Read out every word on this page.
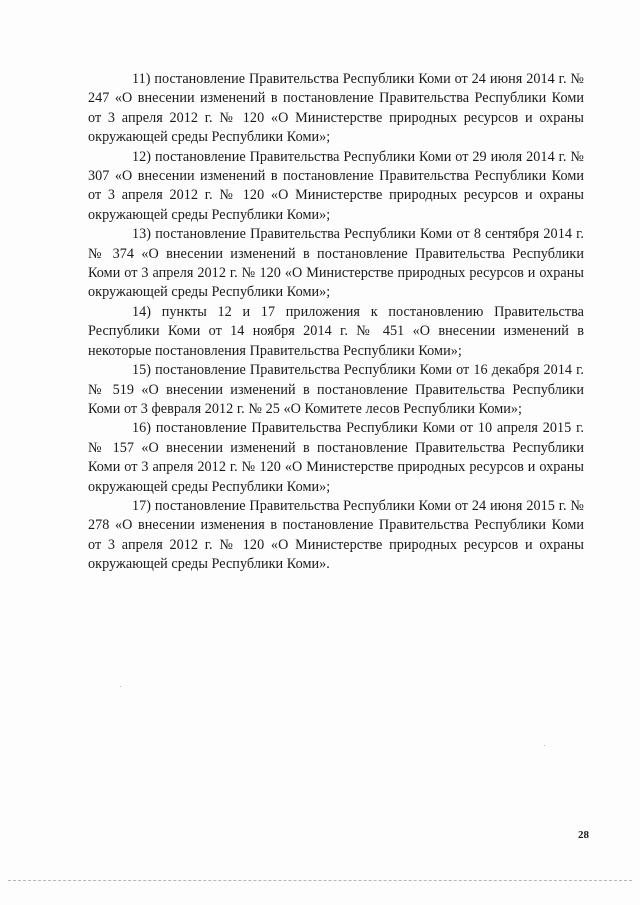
11) постановление Правительства Республики Коми от 24 июня 2014 г. № 247 «О внесении изменений в постановление Правительства Республики Коми от 3 апреля 2012 г. № 120 «О Министерстве природных ресурсов и охраны окружающей среды Республики Коми»;

12) постановление Правительства Республики Коми от 29 июля 2014 г. № 307 «О внесении изменений в постановление Правительства Республики Коми от 3 апреля 2012 г. № 120 «О Министерстве природных ресурсов и охраны окружающей среды Республики Коми»;

13) постановление Правительства Республики Коми от 8 сентября 2014 г. № 374 «О внесении изменений в постановление Правительства Республики Коми от 3 апреля 2012 г. № 120 «О Министерстве природных ресурсов и охраны окружающей среды Республики Коми»;

14) пункты 12 и 17 приложения к постановлению Правительства Республики Коми от 14 ноября 2014 г. № 451 «О внесении изменений в некоторые постановления Правительства Республики Коми»;

15) постановление Правительства Республики Коми от 16 декабря 2014 г. № 519 «О внесении изменений в постановление Правительства Республики Коми от 3 февраля 2012 г. № 25 «О Комитете лесов Республики Коми»;

16) постановление Правительства Республики Коми от 10 апреля 2015 г. № 157 «О внесении изменений в постановление Правительства Республики Коми от 3 апреля 2012 г. № 120 «О Министерстве природных ресурсов и охраны окружающей среды Республики Коми»;

17) постановление Правительства Республики Коми от 24 июня 2015 г. № 278 «О внесении изменения в постановление Правительства Республики Коми от 3 апреля 2012 г. № 120 «О Министерстве природных ресурсов и охраны окружающей среды Республики Коми».

28
